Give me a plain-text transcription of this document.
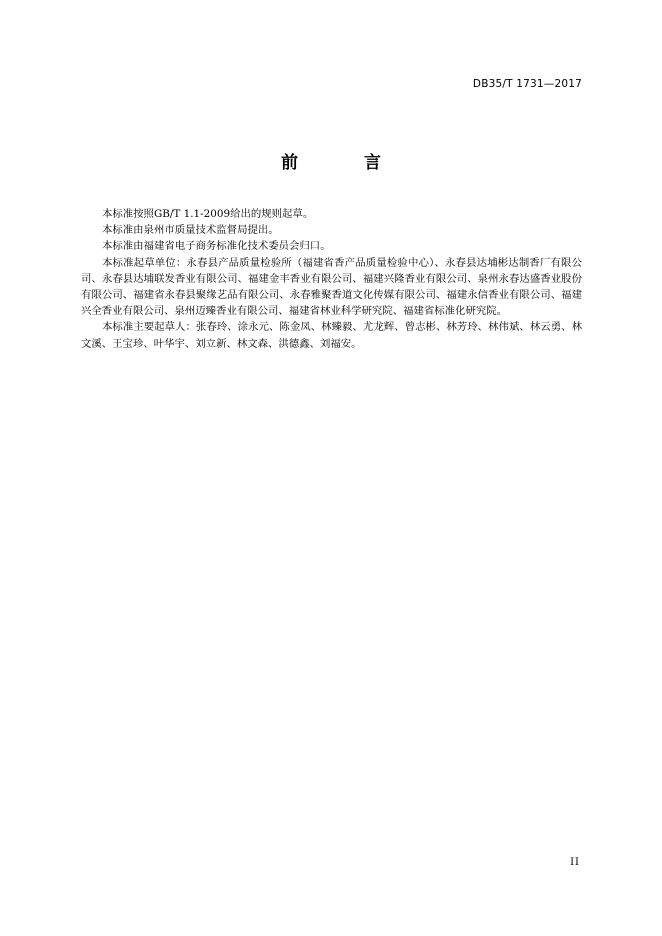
DB35/T 1731—2017
前 言

本标准按照GB/T 1.1-2009给出的规则起草。

本标准由泉州市质量技术监督局提出。

本标准由福建省电子商务标准化技术委员会归口。

本标准起草单位：永春县产品质量检验所（福建省香产品质量检验中心）、永春县达埔彬达制香厂有限公司、永春县达埔联发香业有限公司、福建金丰香业有限公司、福建兴隆香业有限公司、泉州永春达盛香业股份有限公司、福建省永春县聚缘艺品有限公司、永春雅聚香道文化传媒有限公司、福建永信香业有限公司、福建兴全香业有限公司、泉州迈臻香业有限公司、福建省林业科学研究院、福建省标准化研究院。

本标准主要起草人：张春玲、涂永元、陈金凤、林臻毅、尤龙辉、曾志彬、林芳玲、林伟斌、林云勇、林文溪、王宝珍、叶华宇、刘立新、林文森、洪德鑫、刘福安。

II
